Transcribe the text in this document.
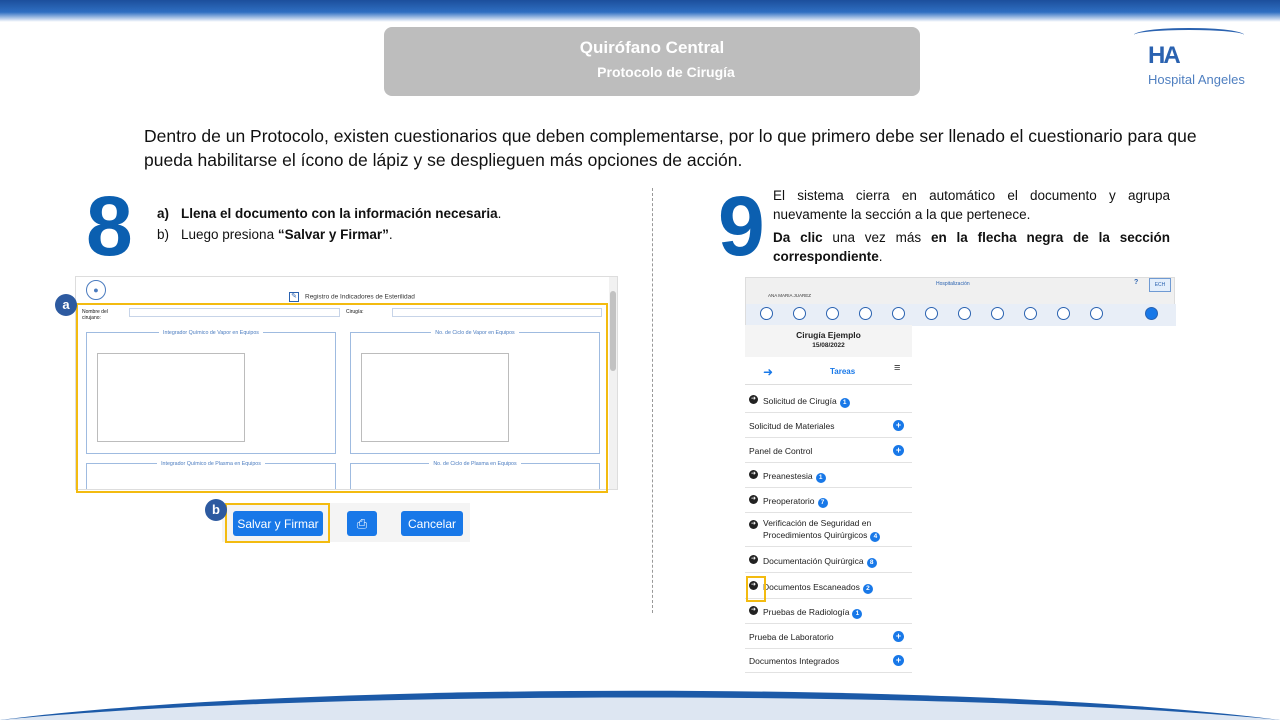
Quirófano Central
Protocolo de Cirugía
HA
Hospital Angeles
Dentro de un Protocolo, existen cuestionarios que deben complementarse, por lo que primero debe ser llenado el cuestionario para que pueda habilitarse el ícono de lápiz y se desplieguen más opciones de acción.
8 a) Llena el documento con la información necesaria.
b) Luego presiona “Salvar y Firmar”.
●
✎ Registro de Indicadores de Esterilidad
Nombre del cirujano:
Cirugía:
Integrador Químico de Vapor en Equipos	No. de Ciclo de Vapor en Equipos
Integrador Químico de Plasma en Equipos	No. de Ciclo de Plasma en Equipos
a
Salvar y Firmar	⎙	Cancelar
b
9 El sistema cierra en automático el documento y agrupa nuevamente la sección a la que pertenece.

Da clic una vez más en la flecha negra de la sección correspondiente.

ANA MARIA JUAREZ
Hospitalización	?	ECH
Cirugía Ejemplo
15/08/2022
➜	Tareas	≡
➜ Solicitud de Cirugía 1
Solicitud de Materiales	+
Panel de Control	+
➜ Preanestesia 1
➜ Preoperatorio 7
➜ Verificación de Seguridad en Procedimientos Quirúrgicos 4
➜ Documentación Quirúrgica 8
➜ Documentos Escaneados 2
➜ Pruebas de Radiología 1
Prueba de Laboratorio	+
Documentos Integrados	+
